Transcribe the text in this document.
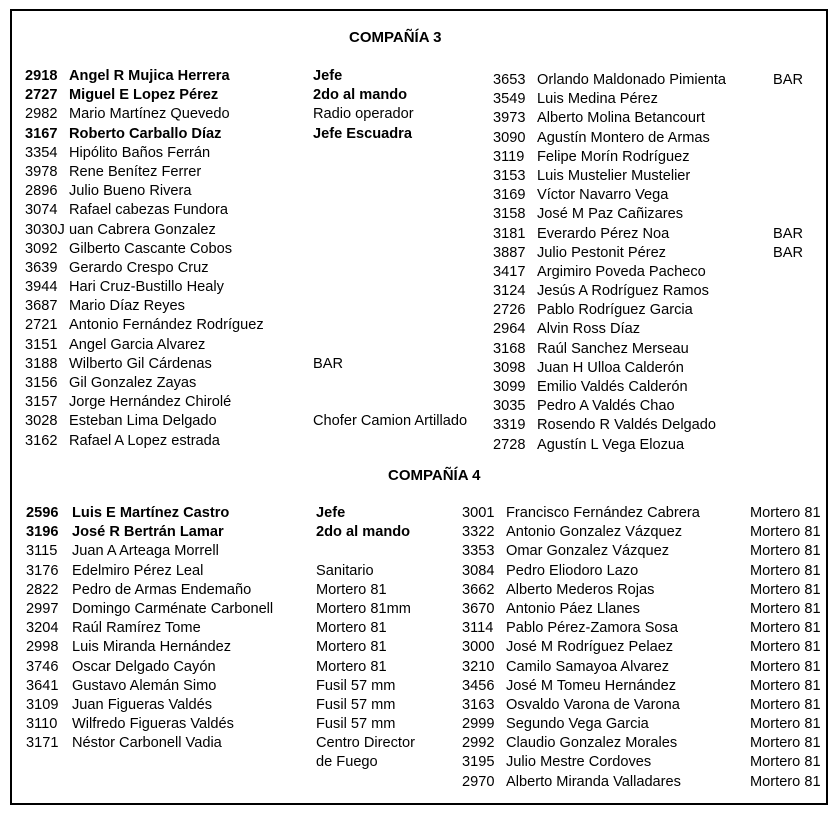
COMPAÑÍA 3
2918 Angel R Mujica Herrera	Jefe
2727 Miguel E Lopez Pérez	2do al mando
2982 Mario Martínez Quevedo	Radio operador
3167 Roberto Carballo Díaz	Jefe Escuadra
3354 Hipólito Baños Ferrán
3978 Rene Benítez Ferrer
2896 Julio Bueno Rivera
3074 Rafael cabezas Fundora
3030J uan Cabrera Gonzalez
3092 Gilberto Cascante Cobos
3639 Gerardo Crespo Cruz
3944 Hari Cruz-Bustillo Healy
3687 Mario Díaz Reyes
2721 Antonio Fernández Rodríguez
3151 Angel Garcia Alvarez
3188 Wilberto Gil Cárdenas	BAR
3156 Gil Gonzalez Zayas
3157 Jorge Hernández Chirolé
3028 Esteban Lima Delgado	Chofer Camion Artillado
3162 Rafael A Lopez estrada
3653 Orlando Maldonado Pimienta	BAR
3549 Luis Medina Pérez
3973 Alberto Molina Betancourt
3090 Agustín Montero de Armas
3119 Felipe Morín Rodríguez
3153 Luis Mustelier Mustelier
3169 Víctor Navarro Vega
3158 José M Paz Cañizares
3181 Everardo Pérez Noa	BAR
3887 Julio Pestonit Pérez	BAR
3417 Argimiro Poveda Pacheco
3124 Jesús A Rodríguez Ramos
2726 Pablo Rodríguez Garcia
2964 Alvin Ross Díaz
3168 Raúl Sanchez Merseau
3098 Juan H Ulloa Calderón
3099 Emilio Valdés Calderón
3035 Pedro A Valdés Chao
3319 Rosendo R Valdés Delgado
2728 Agustín L Vega Elozua
COMPAÑÍA 4
2596 Luis E Martínez Castro	Jefe
3196 José R Bertrán Lamar	2do al mando
3115 Juan A Arteaga Morrell
3176 Edelmiro Pérez Leal	Sanitario
2822 Pedro de Armas Endemaño	Mortero 81
2997 Domingo Carménate Carbonell	Mortero 81mm
3204 Raúl Ramírez Tome	Mortero 81
2998 Luis Miranda Hernández	Mortero 81
3746 Oscar Delgado Cayón	Mortero 81
3641 Gustavo Alemán Simo	Fusil 57 mm
3109 Juan Figueras Valdés	Fusil 57 mm
3110 Wilfredo Figueras Valdés	Fusil 57 mm
3171 Néstor Carbonell Vadia	Centro Director
de Fuego
3001 Francisco Fernández Cabrera	Mortero 81
3322 Antonio Gonzalez Vázquez	Mortero 81
3353 Omar Gonzalez Vázquez	Mortero 81
3084 Pedro Eliodoro Lazo	Mortero 81
3662 Alberto Mederos Rojas	Mortero 81
3670 Antonio Páez Llanes	Mortero 81
3114 Pablo Pérez-Zamora Sosa	Mortero 81
3000 José M Rodríguez Pelaez	Mortero 81
3210 Camilo Samayoa Alvarez	Mortero 81
3456 José M Tomeu Hernández	Mortero 81
3163 Osvaldo Varona de Varona	Mortero 81
2999 Segundo Vega Garcia	Mortero 81
2992 Claudio Gonzalez Morales	Mortero 81
3195 Julio Mestre Cordoves	Mortero 81
2970 Alberto Miranda Valladares	Mortero 81
